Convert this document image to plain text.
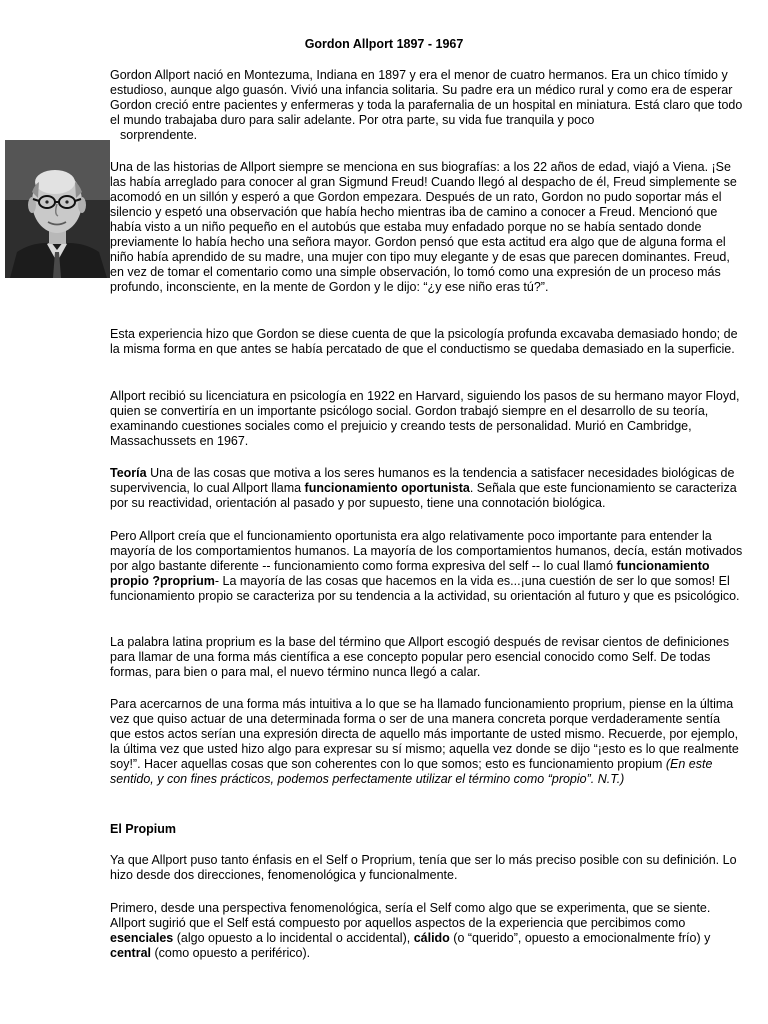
Gordon Allport 1897 - 1967

Gordon Allport nació en Montezuma, Indiana en 1897 y era el menor de cuatro hermanos. Era un chico tímido y estudioso, aunque algo guasón. Vivió una infancia solitaria. Su padre era un médico rural y como era de esperar Gordon creció entre pacientes y enfermeras y toda la parafernalia de un hospital en miniatura. Está claro que todo el mundo trabajaba duro para salir adelante. Por otra parte, su vida fue tranquila y poco
sorprendente.

Una de las historias de Allport siempre se menciona en sus biografías: a los 22 años de edad, viajó a Viena. ¡Se las había arreglado para conocer al gran Sigmund Freud! Cuando llegó al despacho de él, Freud simplemente se acomodó en un sillón y esperó a que Gordon empezara. Después de un rato, Gordon no pudo soportar más el silencio y espetó una observación que había hecho mientras iba de camino a conocer a Freud. Mencionó que había visto a un niño pequeño en el autobús que estaba muy enfadado porque no se había sentado donde previamente lo había hecho una señora mayor. Gordon pensó que esta actitud era algo que de alguna forma el niño había aprendido de su madre, una mujer con tipo muy elegante y de esas que parecen dominantes. Freud, en vez de tomar el comentario como una simple observación, lo tomó como una expresión de un proceso más profundo, inconsciente, en la mente de Gordon y le dijo: “¿y ese niño eras tú?”.

Esta experiencia hizo que Gordon se diese cuenta de que la psicología profunda excavaba demasiado hondo; de la misma forma en que antes se había percatado de que el conductismo se quedaba demasiado en la superficie.

Allport recibió su licenciatura en psicología en 1922 en Harvard, siguiendo los pasos de su hermano mayor Floyd, quien se convertiría en un importante psicólogo social. Gordon trabajó siempre en el desarrollo de su teoría, examinando cuestiones sociales como el prejuicio y creando tests de personalidad. Murió en Cambridge, Massachussets en 1967.

Teoría Una de las cosas que motiva a los seres humanos es la tendencia a satisfacer necesidades biológicas de supervivencia, lo cual Allport llama funcionamiento oportunista. Señala que este funcionamiento se caracteriza por su reactividad, orientación al pasado y por supuesto, tiene una connotación biológica.

Pero Allport creía que el funcionamiento oportunista era algo relativamente poco importante para entender la mayoría de los comportamientos humanos. La mayoría de los comportamientos humanos, decía, están motivados por algo bastante diferente -- funcionamiento como forma expresiva del self -- lo cual llamó funcionamiento propio ?proprium- La mayoría de las cosas que hacemos en la vida es...¡una cuestión de ser lo que somos! El funcionamiento propio se caracteriza por su tendencia a la actividad, su orientación al futuro y que es psicológico.

La palabra latina proprium es la base del término que Allport escogió después de revisar cientos de definiciones para llamar de una forma más científica a ese concepto popular pero esencial conocido como Self. De todas formas, para bien o para mal, el nuevo término nunca llegó a calar.

Para acercarnos de una forma más intuitiva a lo que se ha llamado funcionamiento proprium, piense en la última vez que quiso actuar de una determinada forma o ser de una manera concreta porque verdaderamente sentía que estos actos serían una expresión directa de aquello más importante de usted mismo. Recuerde, por ejemplo, la última vez que usted hizo algo para expresar su sí mismo; aquella vez donde se dijo “¡esto es lo que realmente soy!”. Hacer aquellas cosas que son coherentes con lo que somos; esto es funcionamiento propium (En este sentido, y con fines prácticos, podemos perfectamente utilizar el término como “propio”. N.T.)

El Propium

Ya que Allport puso tanto énfasis en el Self o Proprium, tenía que ser lo más preciso posible con su definición. Lo hizo desde dos direcciones, fenomenológica y funcionalmente.

Primero, desde una perspectiva fenomenológica, sería el Self como algo que se experimenta, que se siente. Allport sugirió que el Self está compuesto por aquellos aspectos de la experiencia que percibimos como esenciales (algo opuesto a lo incidental o accidental), cálido (o “querido”, opuesto a emocionalmente frío) y central (como opuesto a periférico).
